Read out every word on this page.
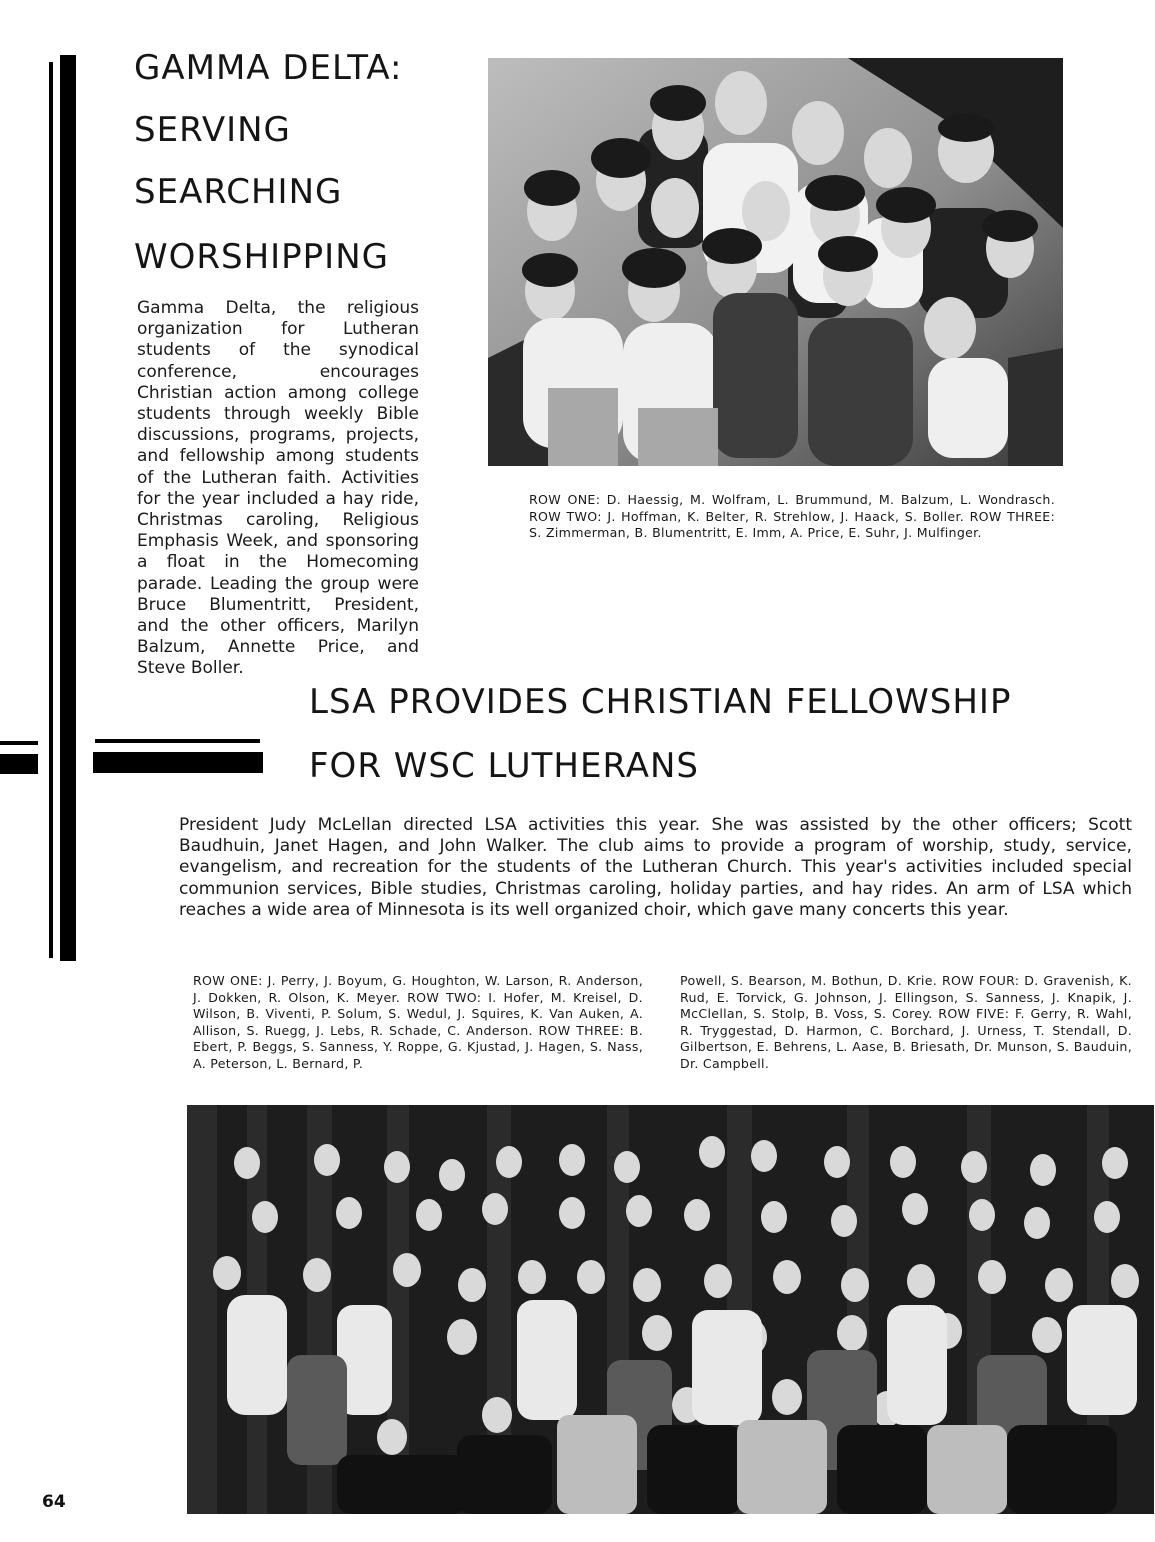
GAMMA DELTA:
SERVING
SEARCHING
WORSHIPPING
Gamma Delta, the religious organization for Lutheran students of the synodical conference, encourages Christian action among college students through weekly Bible discussions, programs, projects, and fellowship among students of the Lutheran faith. Activities for the year included a hay ride, Christmas caroling, Religious Emphasis Week, and sponsoring a float in the Homecoming parade. Leading the group were Bruce Blumentritt, President, and the other officers, Marilyn Balzum, Annette Price, and Steve Boller.
ROW ONE: D. Haessig, M. Wolfram, L. Brummund, M. Balzum, L. Wondrasch. ROW TWO: J. Hoffman, K. Belter, R. Strehlow, J. Haack, S. Boller. ROW THREE: S. Zimmerman, B. Blumentritt, E. Imm, A. Price, E. Suhr, J. Mulfinger.
LSA PROVIDES CHRISTIAN FELLOWSHIP
FOR WSC LUTHERANS
President Judy McLellan directed LSA activities this year. She was assisted by the other officers; Scott Baudhuin, Janet Hagen, and John Walker. The club aims to provide a program of worship, study, service, evangelism, and recreation for the students of the Lutheran Church. This year's activities included special communion services, Bible studies, Christmas caroling, holiday parties, and hay rides. An arm of LSA which reaches a wide area of Minnesota is its well organized choir, which gave many concerts this year.
ROW ONE: J. Perry, J. Boyum, G. Houghton, W. Larson, R. Anderson, J. Dokken, R. Olson, K. Meyer. ROW TWO: I. Hofer, M. Kreisel, D. Wilson, B. Viventi, P. Solum, S. Wedul, J. Squires, K. Van Auken, A. Allison, S. Ruegg, J. Lebs, R. Schade, C. Anderson. ROW THREE: B. Ebert, P. Beggs, S. Sanness, Y. Roppe, G. Kjustad, J. Hagen, S. Nass, A. Peterson, L. Bernard, P.
Powell, S. Bearson, M. Bothun, D. Krie. ROW FOUR: D. Gravenish, K. Rud, E. Torvick, G. Johnson, J. Ellingson, S. Sanness, J. Knapik, J. McClellan, S. Stolp, B. Voss, S. Corey. ROW FIVE: F. Gerry, R. Wahl, R. Tryggestad, D. Harmon, C. Borchard, J. Urness, T. Stendall, D. Gilbertson, E. Behrens, L. Aase, B. Briesath, Dr. Munson, S. Bauduin, Dr. Campbell.
64
